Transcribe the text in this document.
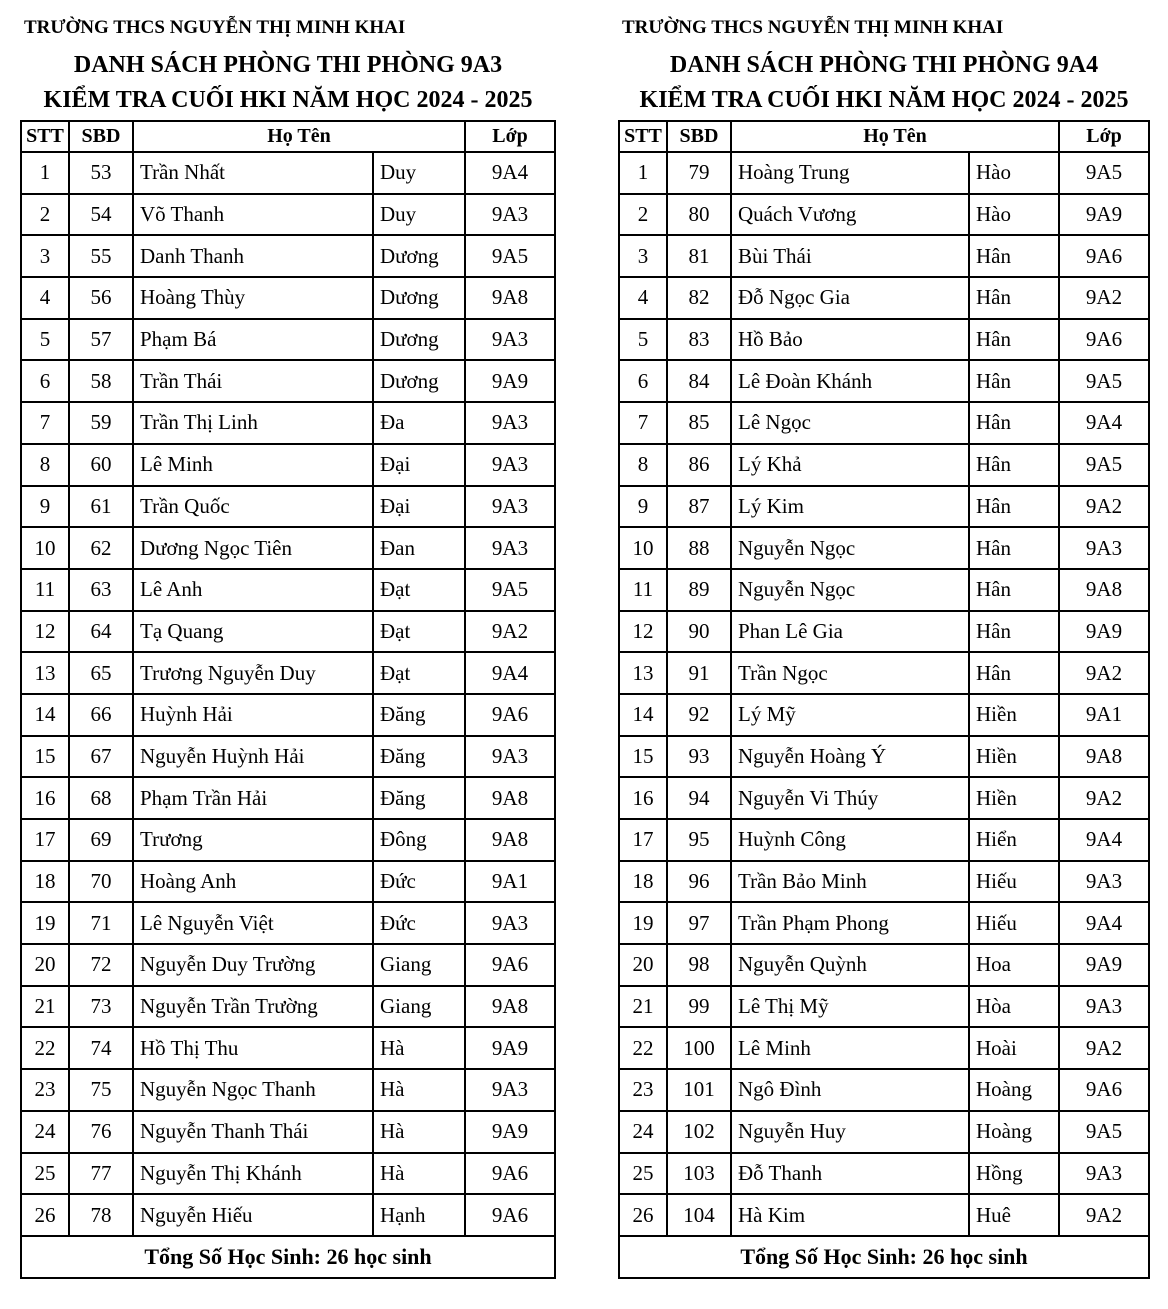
TRƯỜNG THCS NGUYỄN THỊ MINH KHAI
DANH SÁCH PHÒNG THI PHÒNG 9A3
KIỂM TRA CUỐI HKI NĂM HỌC 2024 - 2025
STT	SBD	Họ Tên		Lớp
1	53	Trần Nhất	Duy	9A4
2	54	Võ Thanh	Duy	9A3
3	55	Danh Thanh	Dương	9A5
4	56	Hoàng Thùy	Dương	9A8
5	57	Phạm Bá	Dương	9A3
6	58	Trần Thái	Dương	9A9
7	59	Trần Thị Linh	Đa	9A3
8	60	Lê Minh	Đại	9A3
9	61	Trần Quốc	Đại	9A3
10	62	Dương Ngọc Tiên	Đan	9A3
11	63	Lê Anh	Đạt	9A5
12	64	Tạ Quang	Đạt	9A2
13	65	Trương Nguyễn Duy	Đạt	9A4
14	66	Huỳnh Hải	Đăng	9A6
15	67	Nguyễn Huỳnh Hải	Đăng	9A3
16	68	Phạm Trần Hải	Đăng	9A8
17	69	Trương	Đông	9A8
18	70	Hoàng Anh	Đức	9A1
19	71	Lê Nguyễn Việt	Đức	9A3
20	72	Nguyễn Duy Trường	Giang	9A6
21	73	Nguyễn Trần Trường	Giang	9A8
22	74	Hồ Thị Thu	Hà	9A9
23	75	Nguyễn Ngọc Thanh	Hà	9A3
24	76	Nguyễn Thanh Thái	Hà	9A9
25	77	Nguyễn Thị Khánh	Hà	9A6
26	78	Nguyễn Hiếu	Hạnh	9A6
Tổng Số Học Sinh: 26 học sinh				
TRƯỜNG THCS NGUYỄN THỊ MINH KHAI
DANH SÁCH PHÒNG THI PHÒNG 9A4
KIỂM TRA CUỐI HKI NĂM HỌC 2024 - 2025
STT	SBD	Họ Tên		Lớp
1	79	Hoàng Trung	Hào	9A5
2	80	Quách Vương	Hào	9A9
3	81	Bùi Thái	Hân	9A6
4	82	Đỗ Ngọc Gia	Hân	9A2
5	83	Hồ Bảo	Hân	9A6
6	84	Lê Đoàn Khánh	Hân	9A5
7	85	Lê Ngọc	Hân	9A4
8	86	Lý Khả	Hân	9A5
9	87	Lý Kim	Hân	9A2
10	88	Nguyễn Ngọc	Hân	9A3
11	89	Nguyễn Ngọc	Hân	9A8
12	90	Phan Lê Gia	Hân	9A9
13	91	Trần Ngọc	Hân	9A2
14	92	Lý Mỹ	Hiền	9A1
15	93	Nguyễn Hoàng Ý	Hiền	9A8
16	94	Nguyễn Vi Thúy	Hiền	9A2
17	95	Huỳnh Công	Hiển	9A4
18	96	Trần Bảo Minh	Hiếu	9A3
19	97	Trần Phạm Phong	Hiếu	9A4
20	98	Nguyễn Quỳnh	Hoa	9A9
21	99	Lê Thị Mỹ	Hòa	9A3
22	100	Lê Minh	Hoài	9A2
23	101	Ngô Đình	Hoàng	9A6
24	102	Nguyễn Huy	Hoàng	9A5
25	103	Đỗ Thanh	Hồng	9A3
26	104	Hà Kim	Huê	9A2
Tổng Số Học Sinh: 26 học sinh				
